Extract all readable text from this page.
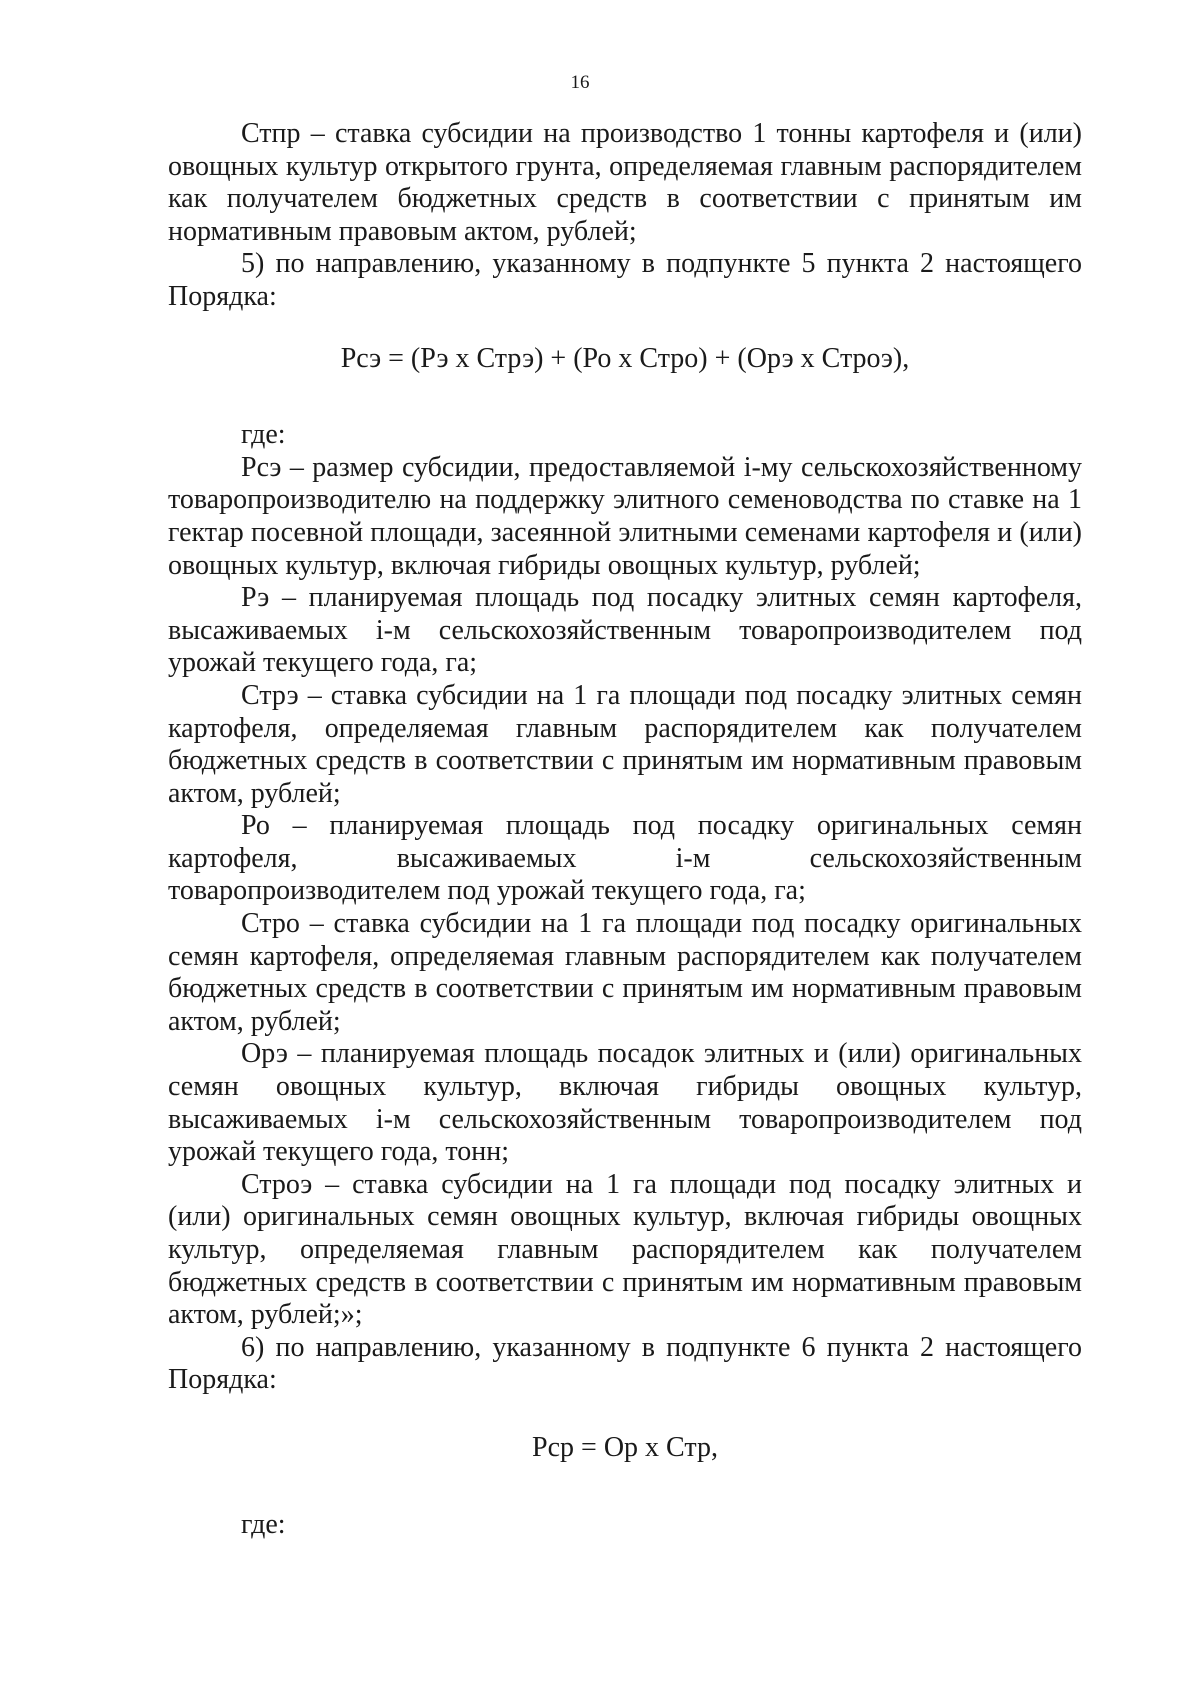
16

Стпр – ставка субсидии на производство 1 тонны картофеля и (или) овощных культур открытого грунта, определяемая главным распорядителем как получателем бюджетных средств в соответствии с принятым им нормативным правовым актом, рублей;

5) по направлению, указанному в подпункте 5 пункта 2 настоящего Порядка:

Рсэ = (Рэ х Стрэ) + (Ро х Стро) + (Орэ х Строэ),

где:

Рсэ – размер субсидии, предоставляемой i-му сельскохозяйственному товаропроизводителю на поддержку элитного семеноводства по ставке на 1 гектар посевной площади, засеянной элитными семенами картофеля и (или) овощных культур, включая гибриды овощных культур, рублей;

Рэ – планируемая площадь под посадку элитных семян картофеля, высаживаемых i-м сельскохозяйственным товаропроизводителем под урожай текущего года, га;

Стрэ – ставка субсидии на 1 га площади под посадку элитных семян картофеля, определяемая главным распорядителем как получателем бюджетных средств в соответствии с принятым им нормативным правовым актом, рублей;

Ро – планируемая площадь под посадку оригинальных семян картофеля, высаживаемых i-м сельскохозяйственным товаропроизводителем под урожай текущего года, га;

Стро – ставка субсидии на 1 га площади под посадку оригинальных семян картофеля, определяемая главным распорядителем как получателем бюджетных средств в соответствии с принятым им нормативным правовым актом, рублей;

Орэ – планируемая площадь посадок элитных и (или) оригинальных семян овощных культур, включая гибриды овощных культур, высаживаемых i-м сельскохозяйственным товаропроизводителем под урожай текущего года, тонн;

Строэ – ставка субсидии на 1 га площади под посадку элитных и (или) оригинальных семян овощных культур, включая гибриды овощных культур, определяемая главным распорядителем как получателем бюджетных средств в соответствии с принятым им нормативным правовым актом, рублей;»;

6) по направлению, указанному в подпункте 6 пункта 2 настоящего Порядка:

Рср = Ор х Стр,

где:
